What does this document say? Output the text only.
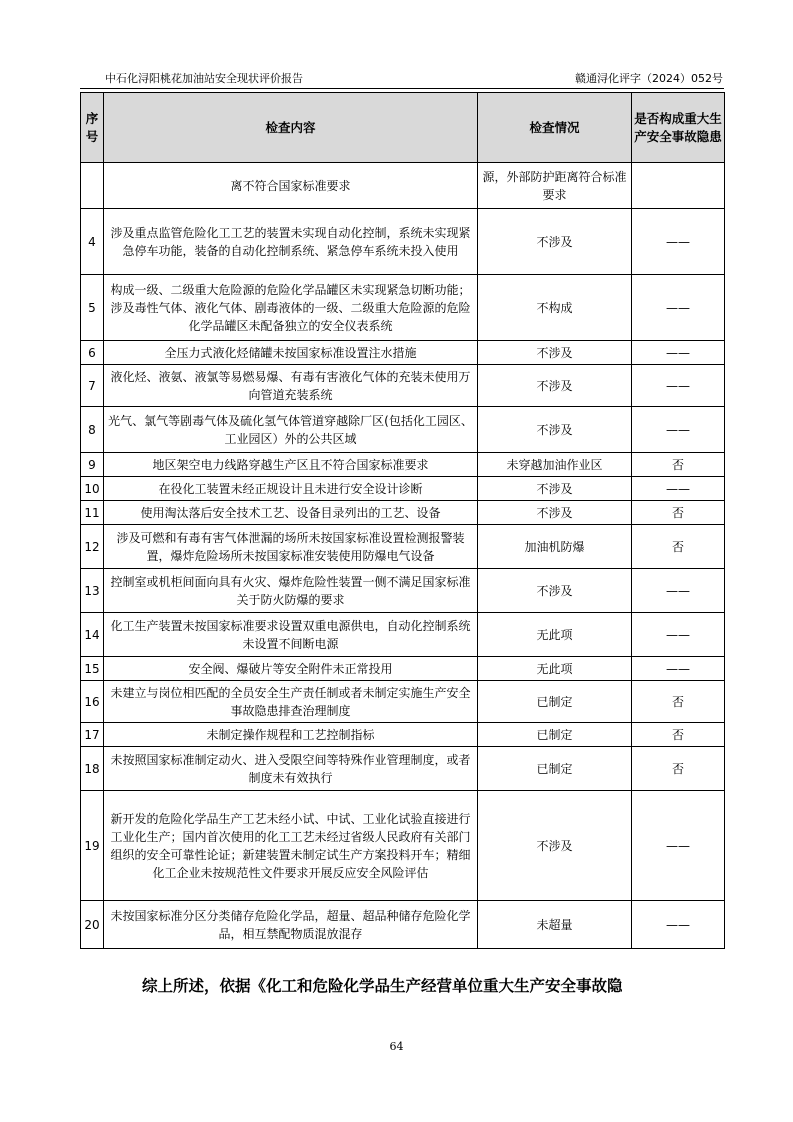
中石化浔阳桃花加油站安全现状评价报告	赣通浔化评字（2024）052号
序号	检查内容	检查情况	是否构成重大生产安全事故隐患
	离不符合国家标准要求	源，外部防护距离符合标准要求	
4	涉及重点监管危险化工工艺的装置未实现自动化控制，系统未实现紧急停车功能，装备的自动化控制系统、紧急停车系统未投入使用	不涉及	——
5	构成一级、二级重大危险源的危险化学品罐区未实现紧急切断功能；涉及毒性气体、液化气体、剧毒液体的一级、二级重大危险源的危险化学品罐区未配备独立的安全仪表系统	不构成	——
6	全压力式液化烃储罐未按国家标准设置注水措施	不涉及	——
7	液化烃、液氨、液氯等易燃易爆、有毒有害液化气体的充装未使用万向管道充装系统	不涉及	——
8	光气、氯气等剧毒气体及硫化氢气体管道穿越除厂区(包括化工园区、工业园区）外的公共区域	不涉及	——
9	地区架空电力线路穿越生产区且不符合国家标准要求	未穿越加油作业区	否
10	在役化工装置未经正规设计且未进行安全设计诊断	不涉及	——
11	使用淘汰落后安全技术工艺、设备目录列出的工艺、设备	不涉及	否
12	涉及可燃和有毒有害气体泄漏的场所未按国家标准设置检测报警装置，爆炸危险场所未按国家标准安装使用防爆电气设备	加油机防爆	否
13	控制室或机柜间面向具有火灾、爆炸危险性装置一侧不满足国家标准关于防火防爆的要求	不涉及	——
14	化工生产装置未按国家标准要求设置双重电源供电，自动化控制系统未设置不间断电源	无此项	——
15	安全阀、爆破片等安全附件未正常投用	无此项	——
16	未建立与岗位相匹配的全员安全生产责任制或者未制定实施生产安全事故隐患排查治理制度	已制定	否
17	未制定操作规程和工艺控制指标	已制定	否
18	未按照国家标准制定动火、进入受限空间等特殊作业管理制度，或者制度未有效执行	已制定	否
19	新开发的危险化学品生产工艺未经小试、中试、工业化试验直接进行工业化生产；国内首次使用的化工工艺未经过省级人民政府有关部门组织的安全可靠性论证；新建装置未制定试生产方案投料开车；精细化工企业未按规范性文件要求开展反应安全风险评估	不涉及	——
20	未按国家标准分区分类储存危险化学品，超量、超品种储存危险化学品，相互禁配物质混放混存	未超量	——
综上所述，依据《化工和危险化学品生产经营单位重大生产安全事故隐
64
